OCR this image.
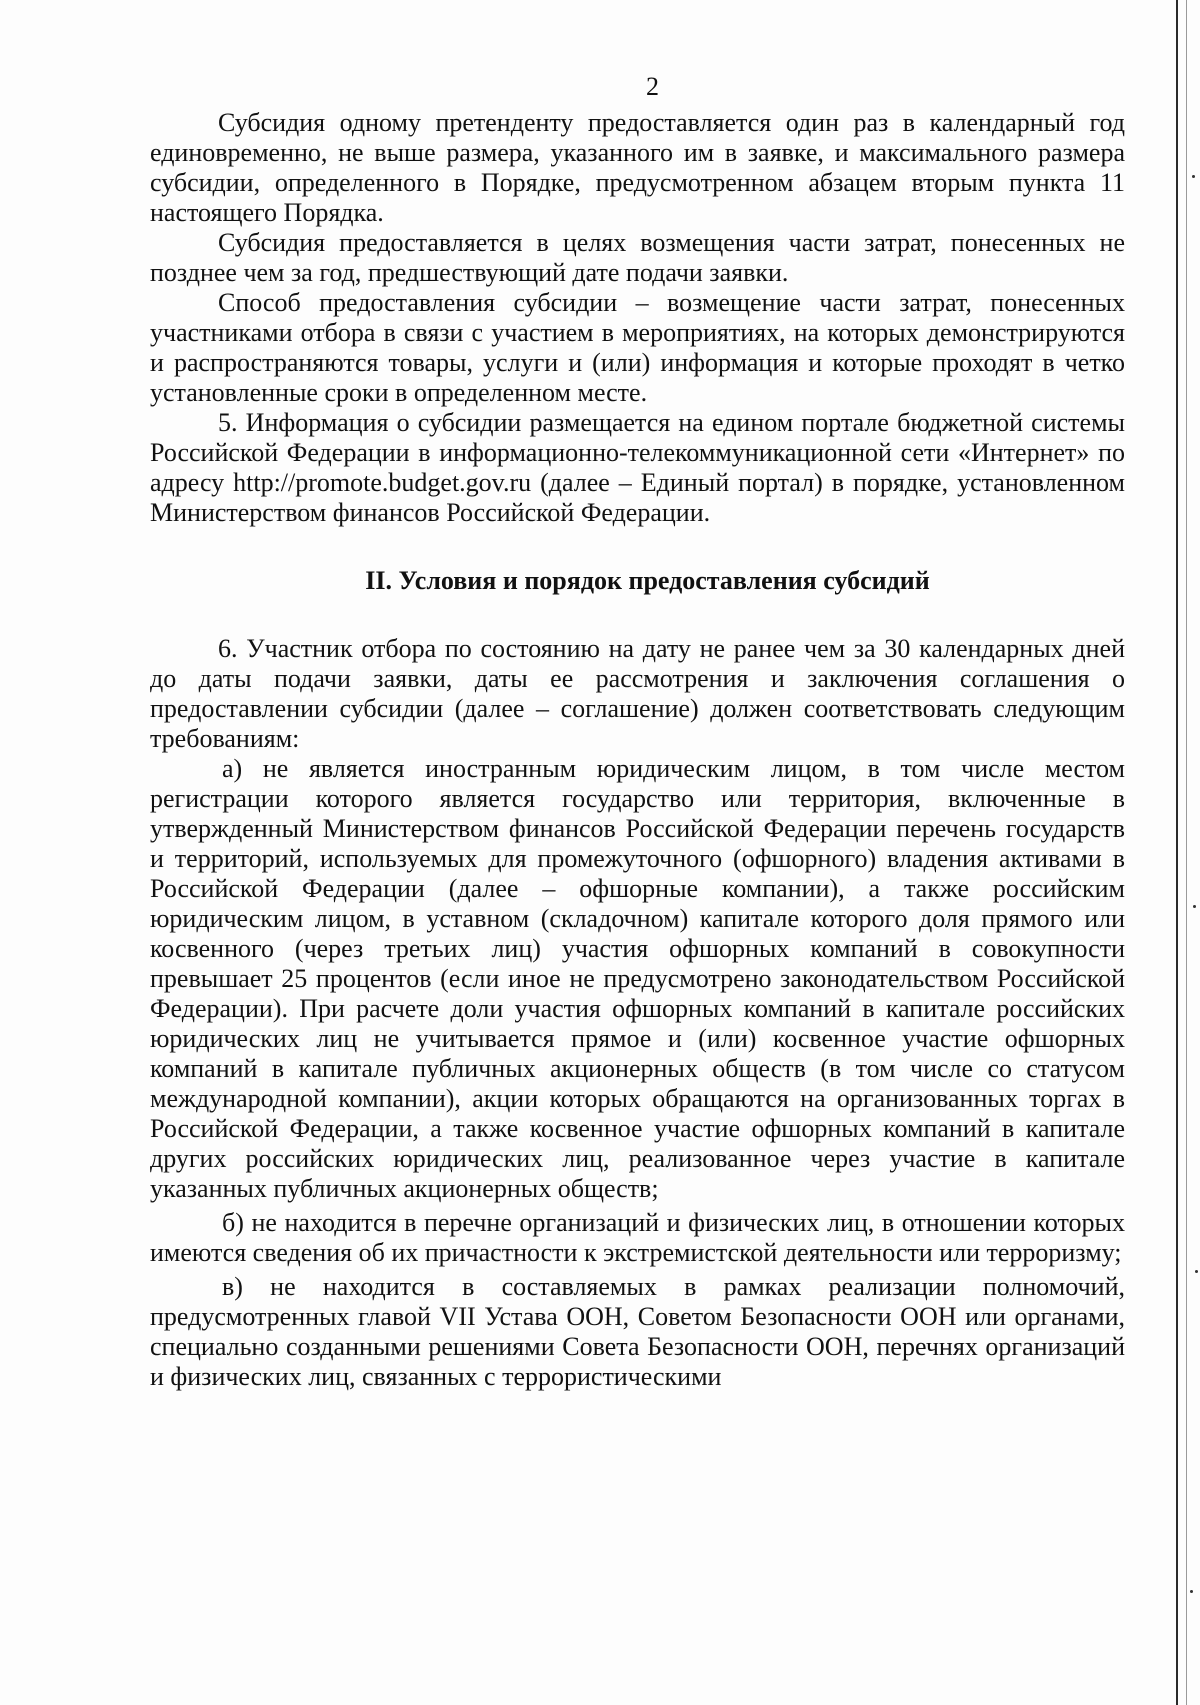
2

Субсидия одному претенденту предоставляется один раз в календарный год единовременно, не выше размера, указанного им в заявке, и максимального размера субсидии, определенного в Порядке, предусмотренном абзацем вторым пункта 11 настоящего Порядка.

Субсидия предоставляется в целях возмещения части затрат, понесенных не позднее чем за год, предшествующий дате подачи заявки.

Способ предоставления субсидии – возмещение части затрат, понесенных участниками отбора в связи с участием в мероприятиях, на которых демонстрируются и распространяются товары, услуги и (или) информация и которые проходят в четко установленные сроки в определенном месте.

5. Информация о субсидии размещается на едином портале бюджетной системы Российской Федерации в информационно-телекоммуникационной сети «Интернет» по адресу http://promote.budget.gov.ru (далее – Единый портал) в порядке, установленном Министерством финансов Российской Федерации.

II. Условия и порядок предоставления субсидий

6. Участник отбора по состоянию на дату не ранее чем за 30 календарных дней до даты подачи заявки, даты ее рассмотрения и заключения соглашения о предоставлении субсидии (далее – соглашение) должен соответствовать следующим требованиям:

а) не является иностранным юридическим лицом, в том числе местом регистрации которого является государство или территория, включенные в утвержденный Министерством финансов Российской Федерации перечень государств и территорий, используемых для промежуточного (офшорного) владения активами в Российской Федерации (далее – офшорные компании), а также российским юридическим лицом, в уставном (складочном) капитале которого доля прямого или косвенного (через третьих лиц) участия офшорных компаний в совокупности превышает 25 процентов (если иное не предусмотрено законодательством Российской Федерации). При расчете доли участия офшорных компаний в капитале российских юридических лиц не учитывается прямое и (или) косвенное участие офшорных компаний в капитале публичных акционерных обществ (в том числе со статусом международной компании), акции которых обращаются на организованных торгах в Российской Федерации, а также косвенное участие офшорных компаний в капитале других российских юридических лиц, реализованное через участие в капитале указанных публичных акционерных обществ;

б) не находится в перечне организаций и физических лиц, в отношении которых имеются сведения об их причастности к экстремистской деятельности или терроризму;

в) не находится в составляемых в рамках реализации полномочий, предусмотренных главой VII Устава ООН, Советом Безопасности ООН или органами, специально созданными решениями Совета Безопасности ООН, перечнях организаций и физических лиц, связанных с террористическими
